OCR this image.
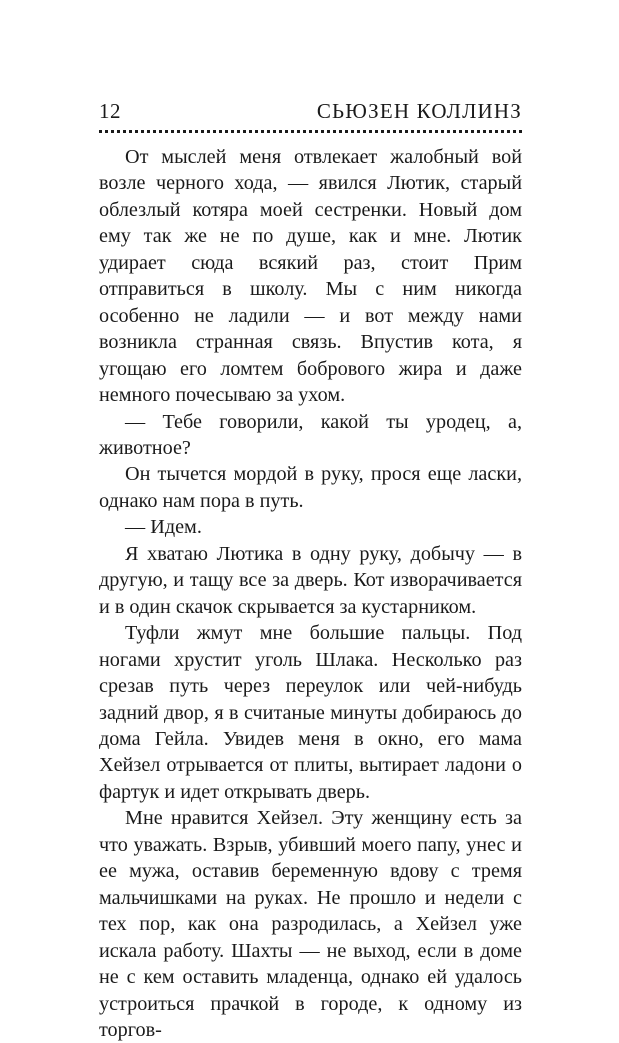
12	СЬЮЗЕН КОЛЛИНЗ

От мыслей меня отвлекает жалобный вой возле черного хода, — явился Лютик, старый облезлый котяра моей сестренки. Новый дом ему так же не по душе, как и мне. Лютик удирает сюда всякий раз, стоит Прим отправиться в школу. Мы с ним никогда особенно не ладили — и вот между нами возникла странная связь. Впустив кота, я угощаю его ломтем бобрового жира и даже немного почесываю за ухом.

— Тебе говорили, какой ты уродец, а, животное?

Он тычется мордой в руку, прося еще ласки, однако нам пора в путь.

— Идем.

Я хватаю Лютика в одну руку, добычу — в другую, и тащу все за дверь. Кот изворачивается и в один скачок скрывается за кустарником.

Туфли жмут мне большие пальцы. Под ногами хрустит уголь Шлака. Несколько раз срезав путь через переулок или чей-нибудь задний двор, я в считаные минуты добираюсь до дома Гейла. Увидев меня в окно, его мама Хейзел отрывается от плиты, вытирает ладони о фартук и идет открывать дверь.

Мне нравится Хейзел. Эту женщину есть за что уважать. Взрыв, убивший моего папу, унес и ее мужа, оставив беременную вдову с тремя мальчишками на руках. Не прошло и недели с тех пор, как она разродилась, а Хейзел уже искала работу. Шахты — не выход, если в доме не с кем оставить младенца, однако ей удалось устроиться прачкой в городе, к одному из торгов-
